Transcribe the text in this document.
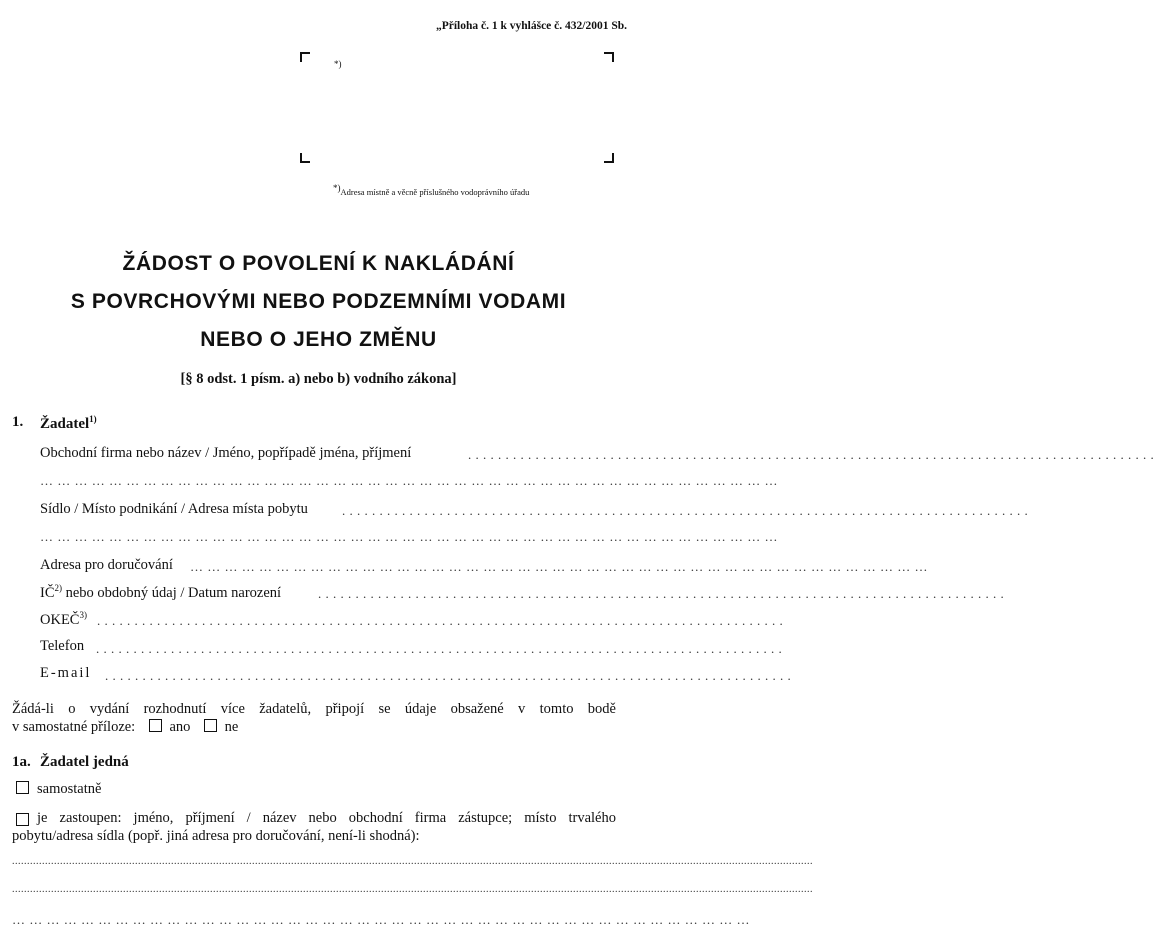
„Příloha č. 1 k vyhlášce č. 432/2001 Sb.
*)
*)Adresa místně a věcně příslušného vodoprávního úřadu
ŽÁDOST O POVOLENÍ K NAKLÁDÁNÍ
S POVRCHOVÝMI NEBO PODZEMNÍMI VODAMI
NEBO O JEHO ZMĚNU
[§ 8 odst. 1 písm. a) nebo b) vodního zákona]
1. Žadatel$^{1)}$
Obchodní firma nebo název / Jméno, popřípadě jména, příjmení	. . . . . . . . . . . . . . . . . . . . . . . . . . . . . . . . . . . . . . . . . . . . . . . . . . . . . . . . . . . . . . . . . . . . . . . . . . . . . . . . . . . . . . . . . . . .
… … … … … … … … … … … … … … … … … … … … … … … … … … … … … … … … … … … … … … … … … … …
Sídlo / Místo podnikání / Adresa místa pobytu	. . . . . . . . . . . . . . . . . . . . . . . . . . . . . . . . . . . . . . . . . . . . . . . . . . . . . . . . . . . . . . . . . . . . . . . . . . . . . . . . . . . . . . . . . . . .
… … … … … … … … … … … … … … … … … … … … … … … … … … … … … … … … … … … … … … … … … … …
Adresa pro doručování … … … … … … … … … … … … … … … … … … … … … … … … … … … … … … … … … … … … … … … … … … …
IČ$^{2)}$ nebo obdobný údaj / Datum narození	. . . . . . . . . . . . . . . . . . . . . . . . . . . . . . . . . . . . . . . . . . . . . . . . . . . . . . . . . . . . . . . . . . . . . . . . . . . . . . . . . . . . . . . . . . . .
OKEČ$^{3)}$ . . . . . . . . . . . . . . . . . . . . . . . . . . . . . . . . . . . . . . . . . . . . . . . . . . . . . . . . . . . . . . . . . . . . . . . . . . . . . . . . . . . . . . . . . . . .
Telefon . . . . . . . . . . . . . . . . . . . . . . . . . . . . . . . . . . . . . . . . . . . . . . . . . . . . . . . . . . . . . . . . . . . . . . . . . . . . . . . . . . . . . . . . . . . .
E-mail . . . . . . . . . . . . . . . . . . . . . . . . . . . . . . . . . . . . . . . . . . . . . . . . . . . . . . . . . . . . . . . . . . . . . . . . . . . . . . . . . . . . . . . . . . . .
Žádá-li o vydání rozhodnutí více žadatelů, připojí se údaje obsažené v tomto bodě
v samostatné příloze: ano ne
1a. Žadatel jedná
samostatně
je zastoupen: jméno, příjmení / název nebo obchodní firma zástupce; místo trvalého
pobytu/adresa sídla (popř. jiná adresa pro doručování, není-li shodná):
...........................................................................................................................................................................................................................................................................
...........................................................................................................................................................................................................................................................................
… … … … … … … … … … … … … … … … … … … … … … … … … … … … … … … … … … … … … … … … … … …
